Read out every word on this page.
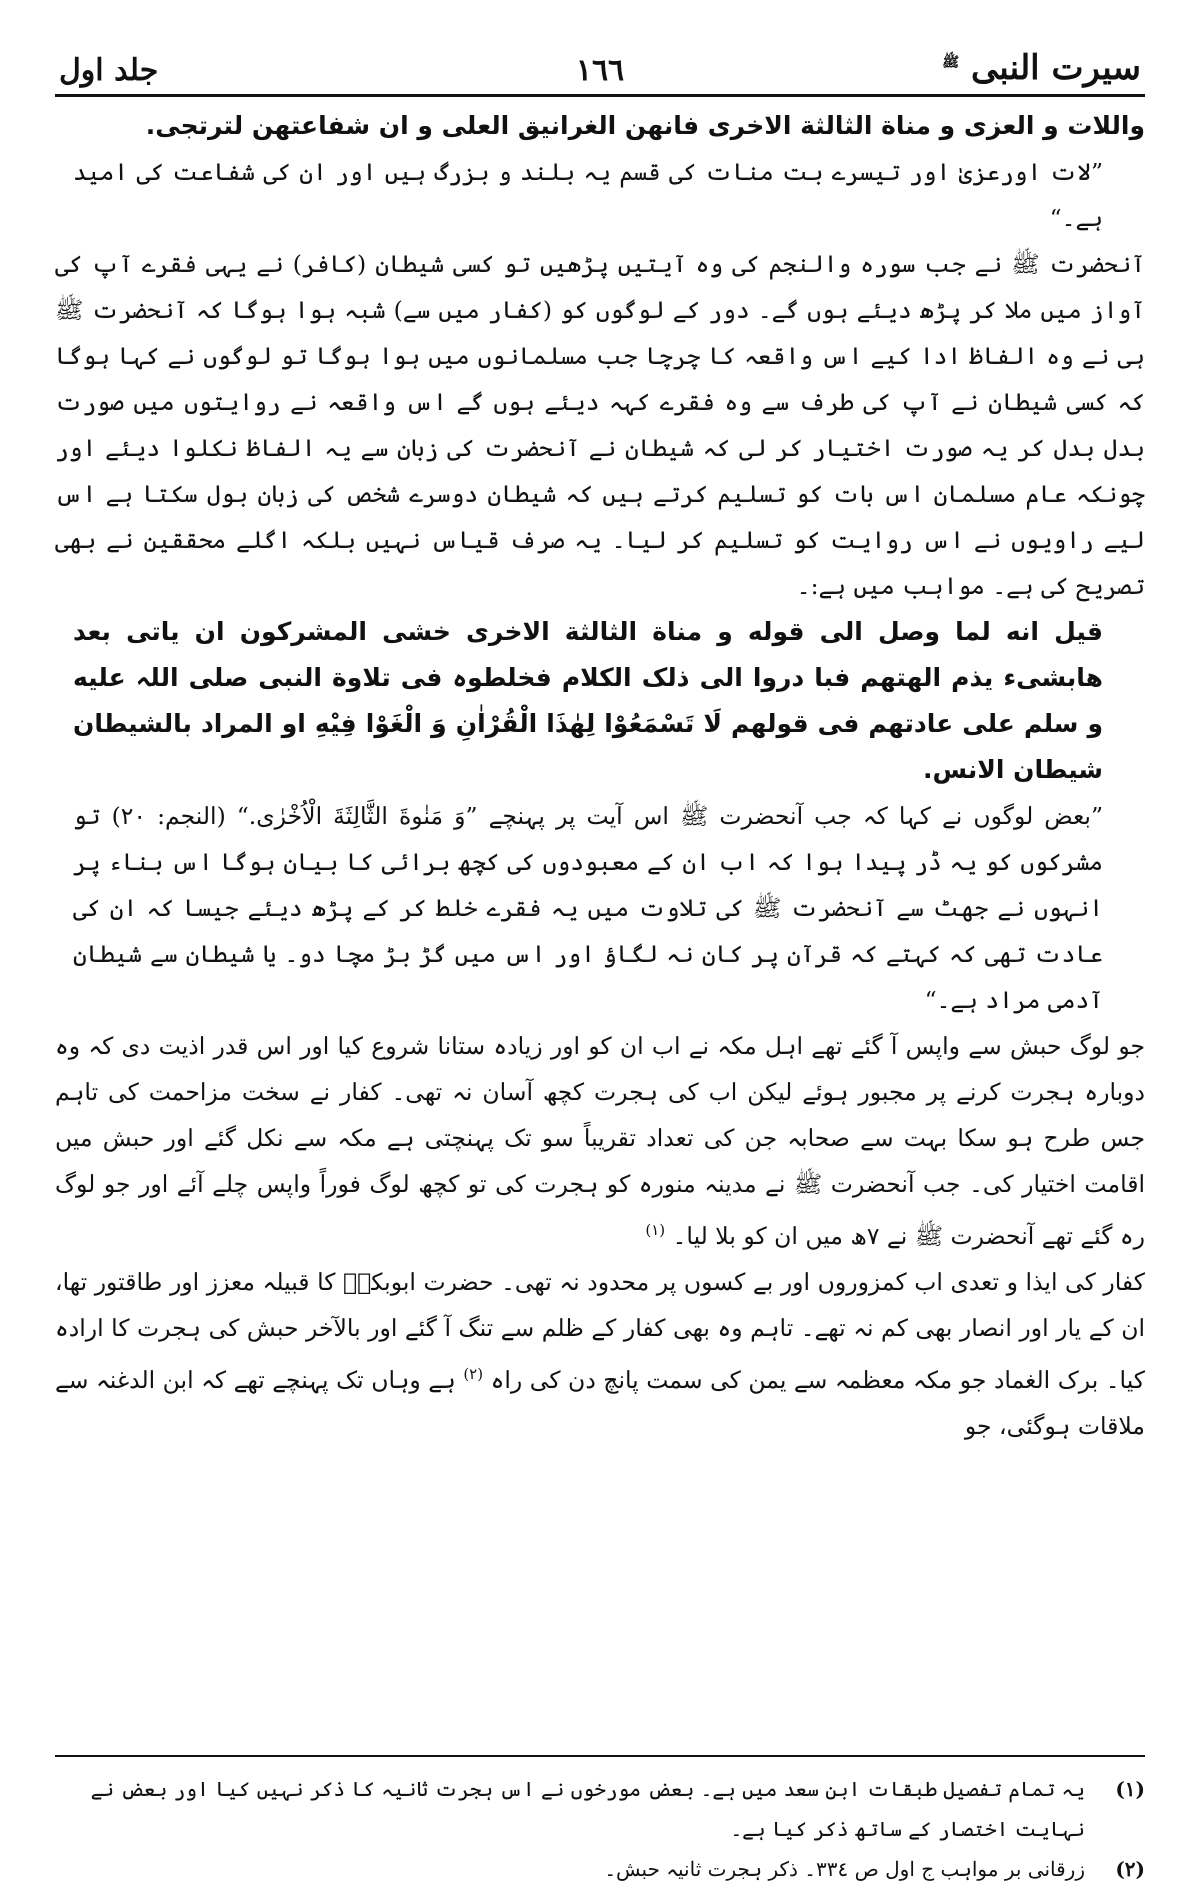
سیرت النبی $^ﷺ$
١٦٦
جلد اول

واللات و العزی و مناة الثالثة الاخری فانھن الغرانیق العلی و ان شفاعتھن لترتجی.

”لات اورعزیٰ اور تیسرے بت منات کی قسم یہ بلند و بزرگ ہیں اور ان کی شفاعت کی امید ہے۔“

آنحضرت ﷺ نے جب سورہ والنجم کی وہ آیتیں پڑھیں تو کسی شیطان (کافر) نے یہی فقرے آپ کی آواز میں ملا کر پڑھ دیئے ہوں گے۔ دور کے لوگوں کو (کفار میں سے) شبہ ہوا ہوگا کہ آنحضرت ﷺ ہی نے وہ الفاظ ادا کیے اس واقعہ کا چرچا جب مسلمانوں میں ہوا ہوگا تو لوگوں نے کہا ہوگا کہ کسی شیطان نے آپ کی طرف سے وہ فقرے کہہ دیئے ہوں گے اس واقعہ نے روایتوں میں صورت بدل بدل کر یہ صورت اختیار کر لی کہ شیطان نے آنحضرت کی زبان سے یہ الفاظ نکلوا دیئے اور چونکہ عام مسلمان اس بات کو تسلیم کرتے ہیں کہ شیطان دوسرے شخص کی زبان بول سکتا ہے اس لیے راویوں نے اس روایت کو تسلیم کر لیا۔ یہ صرف قیاس نہیں بلکہ اگلے محققین نے بھی تصریح کی ہے۔ مواہب میں ہے:۔

قیل انه لما وصل الی قوله و مناة الثالثة الاخری خشی المشرکون ان یاتی بعد ھابشیء یذم الھتھم فبا دروا الی ذلک الکلام فخلطوہ فی تلاوة النبی صلی اللہ علیه و سلم علی عادتھم فی قولھم لَا تَسْمَعُوْا لِھٰذَا الْقُرْاٰنِ وَ الْغَوْا فِیْهِ او المراد بالشیطان شیطان الانس.

”بعض لوگوں نے کہا کہ جب آنحضرت ﷺ اس آیت پر پہنچے ”وَ مَنٰوةَ الثَّالِثَةَ الْاُخْرٰی.“ (النجم: ٢٠) تو مشرکوں کو یہ ڈر پیدا ہوا کہ اب ان کے معبودوں کی کچھ برائی کا بیان ہوگا اس بناء پر انہوں نے جھٹ سے آنحضرت ﷺ کی تلاوت میں یہ فقرے خلط کر کے پڑھ دیئے جیسا کہ ان کی عادت تھی کہ کہتے کہ قرآن پر کان نہ لگاؤ اور اس میں گڑ بڑ مچا دو۔ یا شیطان سے شیطان آدمی مراد ہے۔“

جو لوگ حبش سے واپس آ گئے تھے اہل مکہ نے اب ان کو اور زیادہ ستانا شروع کیا اور اس قدر اذیت دی کہ وہ دوبارہ ہجرت کرنے پر مجبور ہوئے لیکن اب کی ہجرت کچھ آسان نہ تھی۔ کفار نے سخت مزاحمت کی تاہم جس طرح ہو سکا بہت سے صحابہ جن کی تعداد تقریباً سو تک پہنچتی ہے مکہ سے نکل گئے اور حبش میں اقامت اختیار کی۔ جب آنحضرت ﷺ نے مدینہ منورہ کو ہجرت کی تو کچھ لوگ فوراً واپس چلے آئے اور جو لوگ رہ گئے تھے آنحضرت ﷺ نے ٧ھ میں ان کو بلا لیا۔ $^{(١)}$

کفار کی ایذا و تعدی اب کمزوروں اور بے کسوں پر محدود نہ تھی۔ حضرت ابوبکرؓ کا قبیلہ معزز اور طاقتور تھا، ان کے یار اور انصار بھی کم نہ تھے۔ تاہم وہ بھی کفار کے ظلم سے تنگ آ گئے اور بالآخر حبش کی ہجرت کا ارادہ کیا۔ برک الغماد جو مکہ معظمہ سے یمن کی سمت پانچ دن کی راہ $^{(٢)}$ ہے وہاں تک پہنچے تھے کہ ابن الدغنہ سے ملاقات ہوگئی، جو

(١)
یہ تمام تفصیل طبقات ابن سعد میں ہے۔ بعض مورخوں نے اس ہجرت ثانیہ کا ذکر نہیں کیا اور بعض نے نہایت اختصار کے ساتھ ذکر کیا ہے۔
(٢)
زرقانی بر مواہب ج اول ص ٣٣٤۔ ذکر ہجرت ثانیہ حبش۔
